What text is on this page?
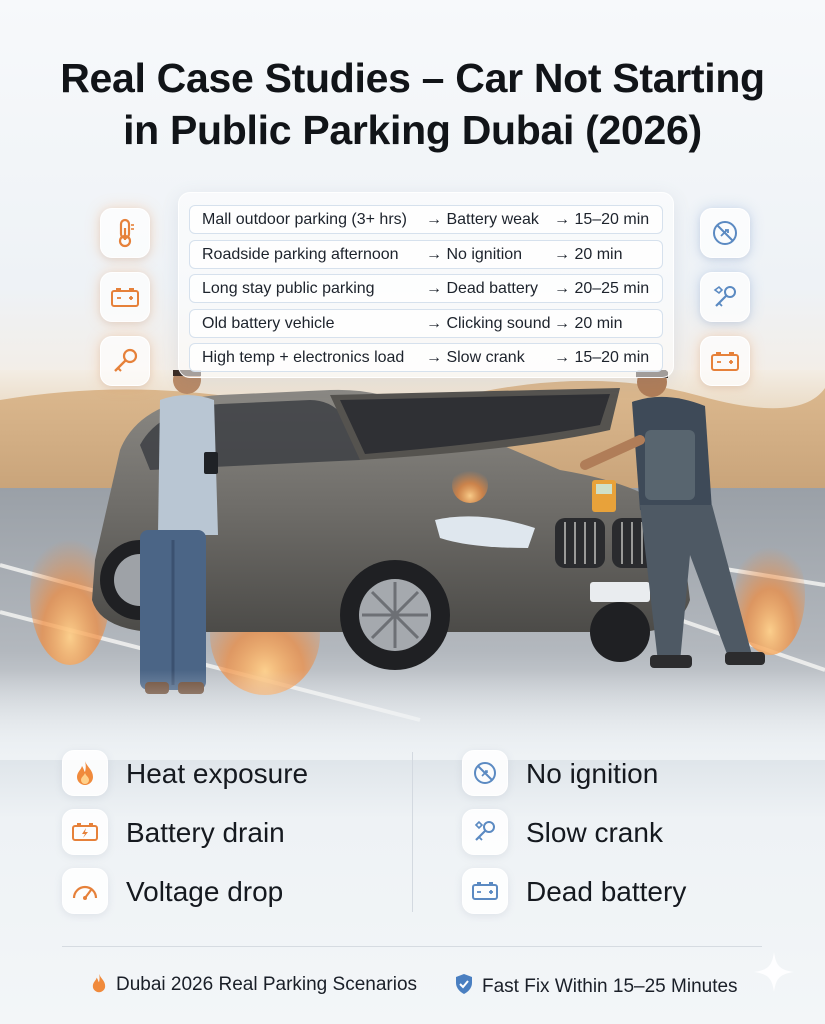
Real Case Studies – Car Not Starting
in Public Parking Dubai (2026)
Mall outdoor parking (3+ hrs) → Battery weak → 15–20 min
Roadside parking afternoon → No ignition → 20 min
Long stay public parking	→ Dead battery → 20–25 min
Old battery vehicle	→ Clicking sound → 20 min
High temp + electronics load → Slow crank → 15–20 min
Heat exposure
Battery drain
Voltage drop
No ignition
Slow crank
Dead battery
Dubai 2026 Real Parking Scenarios	Fast Fix Within 15–25 Minutes
